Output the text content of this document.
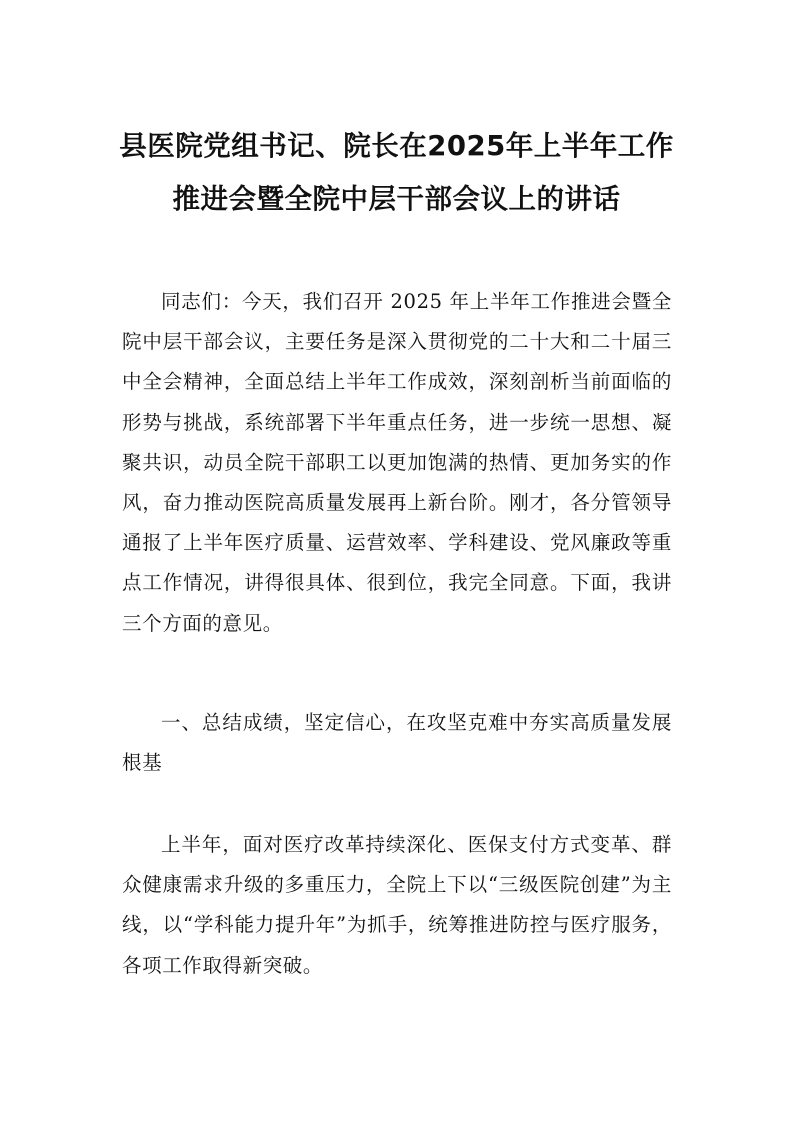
县医院党组书记、院长在2025年上半年工作推进会暨全院中层干部会议上的讲话

同志们：今天，我们召开 2025 年上半年工作推进会暨全院中层干部会议，主要任务是深入贯彻党的二十大和二十届三中全会精神，全面总结上半年工作成效，深刻剖析当前面临的形势与挑战，系统部署下半年重点任务，进一步统一思想、凝聚共识，动员全院干部职工以更加饱满的热情、更加务实的作风，奋力推动医院高质量发展再上新台阶。刚才，各分管领导通报了上半年医疗质量、运营效率、学科建设、党风廉政等重点工作情况，讲得很具体、很到位，我完全同意。下面，我讲三个方面的意见。

一、总结成绩，坚定信心，在攻坚克难中夯实高质量发展根基

上半年，面对医疗改革持续深化、医保支付方式变革、群众健康需求升级的多重压力，全院上下以“三级医院创建”为主线，以“学科能力提升年”为抓手，统筹推进防控与医疗服务，各项工作取得新突破。
